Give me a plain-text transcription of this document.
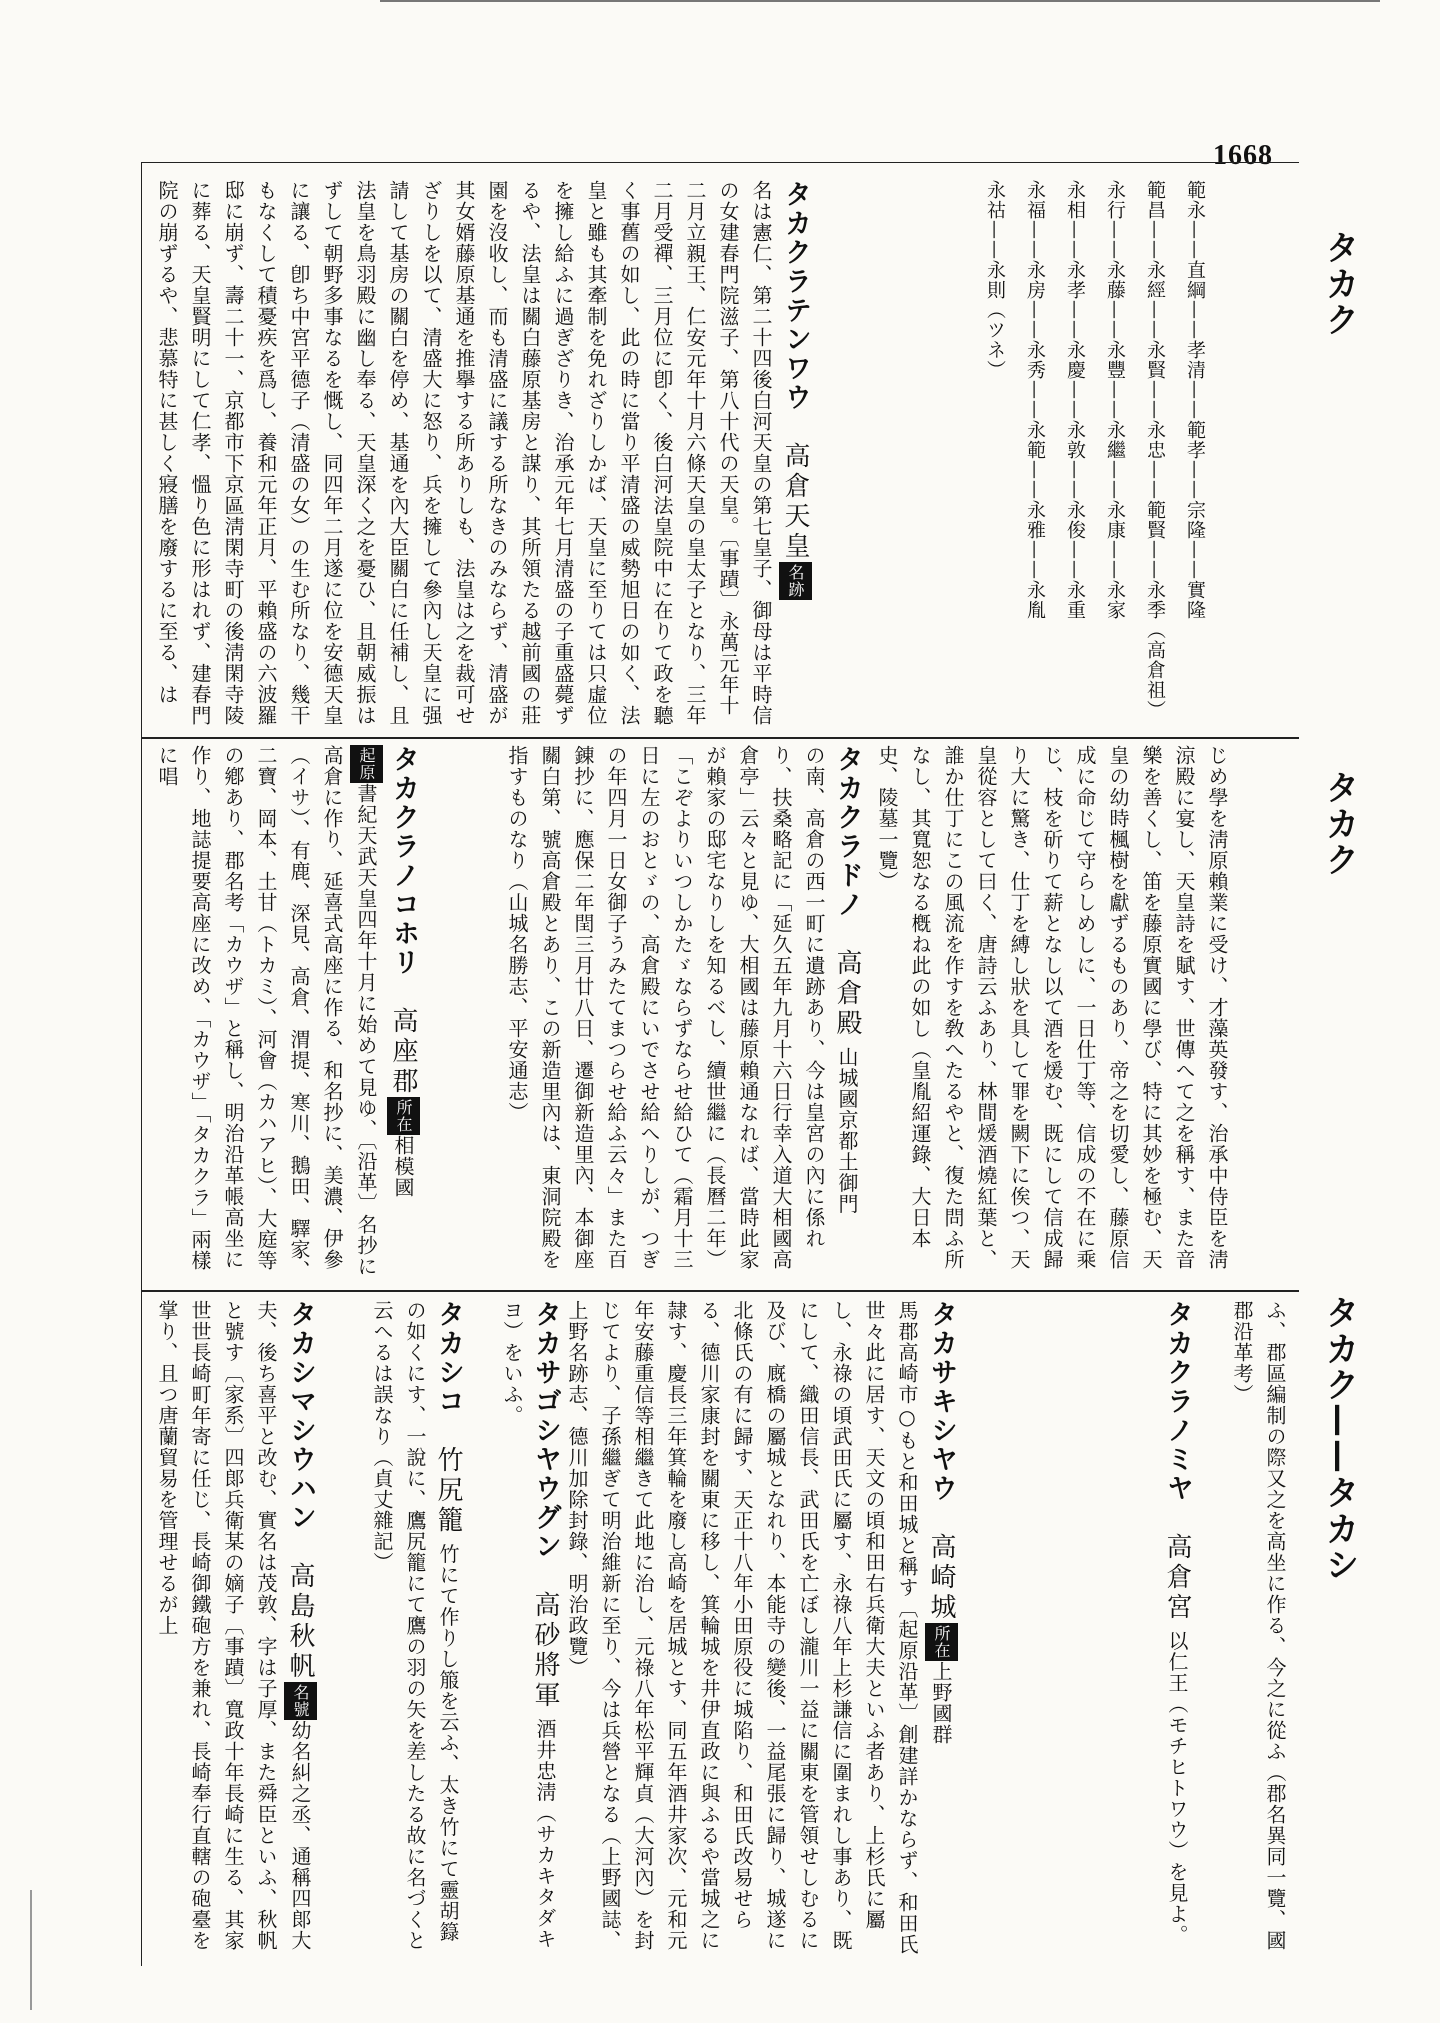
1668
タカク
タカク
タカク——タカシ
範永——直綱——孝清——範孝——宗隆——實隆
範昌——永經——永賢——永忠——範賢——永季（高倉祖）
永行——永藤——永豐——永繼——永康——永家
永相——永孝——永慶——永敦——永俊——永重
永福——永房——永秀——永範——永雅——永胤
永祜——永則（ツネ）
タカクラテンワウ高倉天皇名跡
名は憲仁、第二十四後白河天皇の第七皇子、御母は平時信の女建春門院滋子、第八十代の天皇。〔事蹟〕永萬元年十二月立親王、仁安元年十月六條天皇の皇太子となり、三年二月受禪、三月位に卽く、後白河法皇院中に在りて政を聽く事舊の如し、此の時に當り平清盛の威勢旭日の如く、法皇と雖も其牽制を免れざりしかば、天皇に至りては只虛位を擁し給ふに過ぎざりき、治承元年七月清盛の子重盛薨ずるや、法皇は關白藤原基房と謀り、其所領たる越前國の莊園を沒收し、而も清盛に議する所なきのみならず、清盛が其女婿藤原基通を推擧する所ありしも、法皇は之を裁可せざりしを以て、清盛大に怒り、兵を擁して參內し天皇に强請して基房の關白を停め、基通を內大臣關白に任補し、且法皇を鳥羽殿に幽し奉る、天皇深く之を憂ひ、且朝威振はずして朝野多事なるを慨し、同四年二月遂に位を安德天皇に讓る、卽ち中宮平德子（清盛の女）の生む所なり、幾干もなくして積憂疾を爲し、養和元年正月、平賴盛の六波羅邸に崩ず、壽二十一、京都市下京區淸閑寺町の後淸閑寺陵に葬る、天皇賢明にして仁孝、慍り色に形はれず、建春門院の崩ずるや、悲慕特に甚しく寢膳を廢するに至る、は
じめ學を淸原賴業に受け、才藻英發す、治承中侍臣を淸涼殿に宴し、天皇詩を賦す、世傳へて之を稱す、また音樂を善くし、笛を藤原實國に學び、特に其妙を極む、天皇の幼時楓樹を獻ずるものあり、帝之を切愛し、藤原信成に命じて守らしめしに、一日仕丁等、信成の不在に乘じ、枝を斫りて薪となし以て酒を煖む、既にして信成歸り大に驚き、仕丁を縛し狀を具して罪を闕下に俟つ、天皇從容として曰く、唐詩云ふあり、林間煖酒燒紅葉と、誰か仕丁にこの風流を作すを敎へたるやと、復た問ふ所なし、其寬恕なる槪ね此の如し（皇胤紹運錄、大日本史、陵墓一覽）
タカクラドノ高倉殿 山城國京都土御門
の南、高倉の西一町に遺跡あり、今は皇宮の內に係れり、扶桑略記に「延久五年九月十六日行幸入道大相國高倉亭」云々と見ゆ、大相國は藤原賴通なれば、當時此家が賴家の邸宅なりしを知るべし、續世繼に（長曆二年）「こぞよりいつしかたゞならずならせ給ひて（霜月十三日に左のおとゞの、高倉殿にいでさせ給へりしが、つぎの年四月一日女御子うみたてまつらせ給ふ云々」また百錬抄に、應保二年閏三月廿八日、遷御新造里內、本御座關白第、號高倉殿とあり、この新造里內は、東洞院殿を指すものなり（山城名勝志、平安通志）
タカクラノコホリ高座郡所在相模國
起原書紀天武天皇四年十月に始めて見ゆ、〔沿革〕名抄に高倉に作り、延喜式高座に作る、和名抄に、美濃、伊參（イサ）、有鹿、深見、高倉、渭提、寒川、鵝田、驛家、二寶、岡本、土甘（トカミ）、河會（カハアヒ）、大庭等の鄕あり、郡名考「カウザ」と稱し、明治沿革帳高坐に作り、地誌提要高座に改め、「カウザ」「タカクラ」兩樣に唱
ふ、郡區編制の際又之を高坐に作る、今之に從ふ（郡名異同一覽、國郡沿革考）
タカクラノミヤ高倉宮 以仁王（モチヒトワウ）を見よ。
タカサキシヤウ高崎城所在上野國群
馬郡高崎市○もと和田城と稱す〔起原沿革〕創建詳かならず、和田氏世々此に居す、天文の頃和田右兵衛大夫といふ者あり、上杉氏に屬し、永祿の頃武田氏に屬す、永祿八年上杉謙信に圍まれし事あり、既にして、織田信長、武田氏を亡ぼし瀧川一益に關東を管領せしむるに及び、廐橋の屬城となれり、本能寺の變後、一益尾張に歸り、城遂に北條氏の有に歸す、天正十八年小田原役に城陷り、和田氏改易せらる、德川家康封を關東に移し、箕輪城を井伊直政に與ふるや當城之に隷す、慶長三年箕輪を廢し高崎を居城とす、同五年酒井家次、元和元年安藤重信等相繼きて此地に治し、元祿八年松平輝貞（大河內）を封じてより、子孫繼ぎて明治維新に至り、今は兵營となる（上野國誌、上野名跡志、德川加除封錄、明治政覽）
タカサゴシヤウグン高砂將軍 酒井忠淸（サカキタダキヨ）をいふ。
タカシコ竹尻籠 竹にて作りし箙を云ふ、太き竹にて靈胡籙の如くにす、一說に、鷹尻籠にて鷹の羽の矢を差したる故に名づくと云へるは誤なり（貞丈雜記）
タカシマシウハン高島秋帆名號幼名糾之丞、通稱四郞大夫、後ち喜平と改む、實名は茂敦、字は子厚、また舜臣といふ、秋帆と號す〔家系〕四郞兵衛某の嫡子〔事蹟〕寬政十年長崎に生る、其家世世長崎町年寄に任じ、長崎御鐵砲方を兼れ、長崎奉行直轄の砲臺を掌り、且つ唐蘭貿易を管理せるが上
